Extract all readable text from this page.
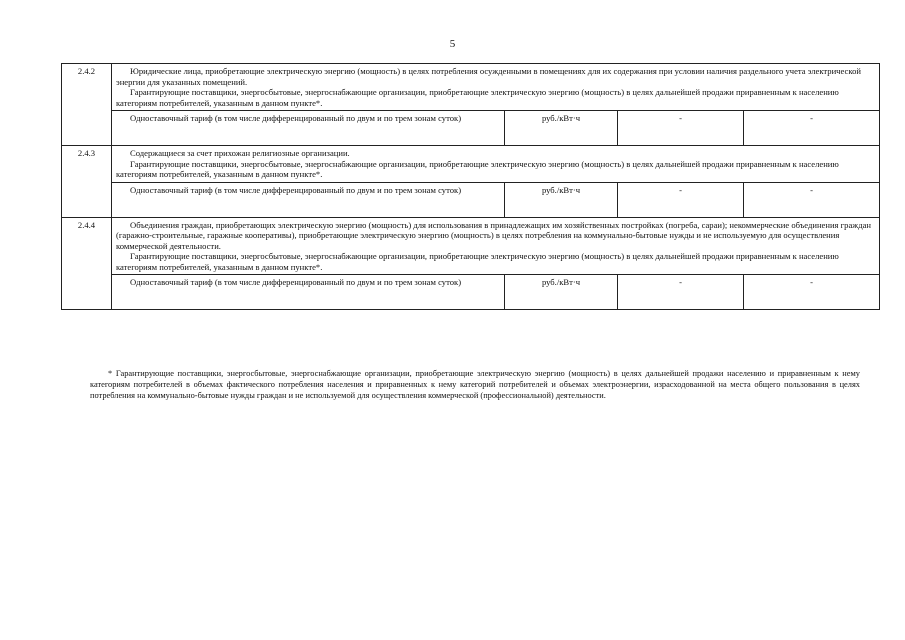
5
2.4.2	Юридические лица, приобретающие электрическую энергию (мощность) в целях потребления осужденными в помещениях для их содержания при условии наличия раздельного учета электрической энергии для указанных помещений.

Гарантирующие поставщики, энергосбытовые, энергоснабжающие организации, приобретающие электрическую энергию (мощность) в целях дальнейшей продажи приравненным к населению категориям потребителей, указанным в данном пункте*.			

	Одноставочный тариф (в том числе дифференцированный по двум и по трем зонам суток)	руб./кВт·ч	-	-
2.4.3	Содержащиеся за счет прихожан религиозные организации.

Гарантирующие поставщики, энергосбытовые, энергоснабжающие организации, приобретающие электрическую энергию (мощность) в целях дальнейшей продажи приравненным к населению категориям потребителей, указанным в данном пункте*.			

	Одноставочный тариф (в том числе дифференцированный по двум и по трем зонам суток)	руб./кВт·ч	-	-
2.4.4	Объединения граждан, приобретающих электрическую энергию (мощность) для использования в принадлежащих им хозяйственных постройках (погреба, сараи); некоммерческие объединения граждан (гаражно-строительные, гаражные кооперативы), приобретающие электрическую энергию (мощность) в целях потребления на коммунально-бытовые нужды и не используемую для осуществления коммерческой деятельности.

Гарантирующие поставщики, энергосбытовые, энергоснабжающие организации, приобретающие электрическую энергию (мощность) в целях дальнейшей продажи приравненным к населению категориям потребителей, указанным в данном пункте*.			

	Одноставочный тариф (в том числе дифференцированный по двум и по трем зонам суток)	руб./кВт·ч	-	-

* Гарантирующие поставщики, энергосбытовые, энергоснабжающие организации, приобретающие электрическую энергию (мощность) в целях дальнейшей продажи населению и приравненным к нему категориям потребителей в объемах фактического потребления населения и приравненных к нему категорий потребителей и объемах электроэнергии, израсходованной на места общего пользования в целях потребления на коммунально-бытовые нужды граждан и не используемой для осуществления коммерческой (профессиональной) деятельности.
